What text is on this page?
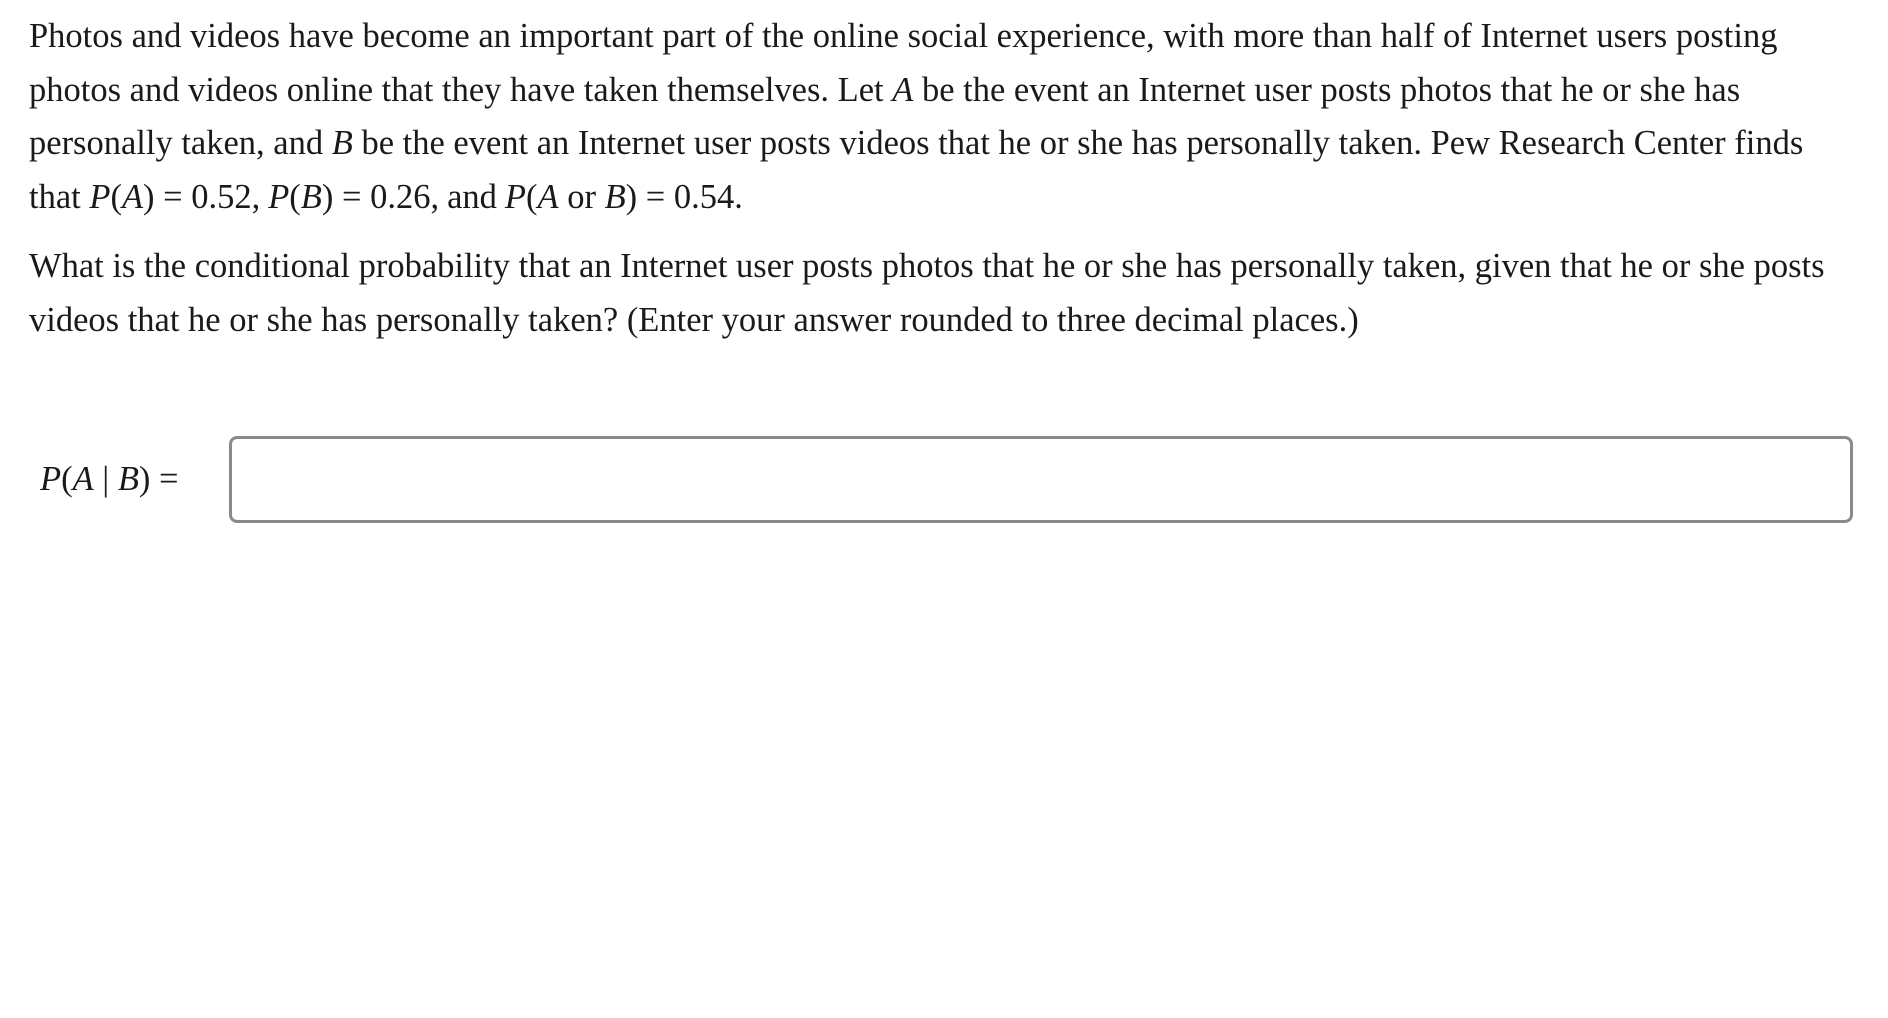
Photos and videos have become an important part of the online social experience, with more than half of Internet users posting photos and videos online that they have taken themselves. Let A be the event an Internet user posts photos that he or she has personally taken, and B be the event an Internet user posts videos that he or she has personally taken. Pew Research Center finds that P(A) = 0.52, P(B) = 0.26, and P(A or B) = 0.54.

What is the conditional probability that an Internet user posts photos that he or she has personally taken, given that he or she posts videos that he or she has personally taken? (Enter your answer rounded to three decimal places.)

P(A | B) =
